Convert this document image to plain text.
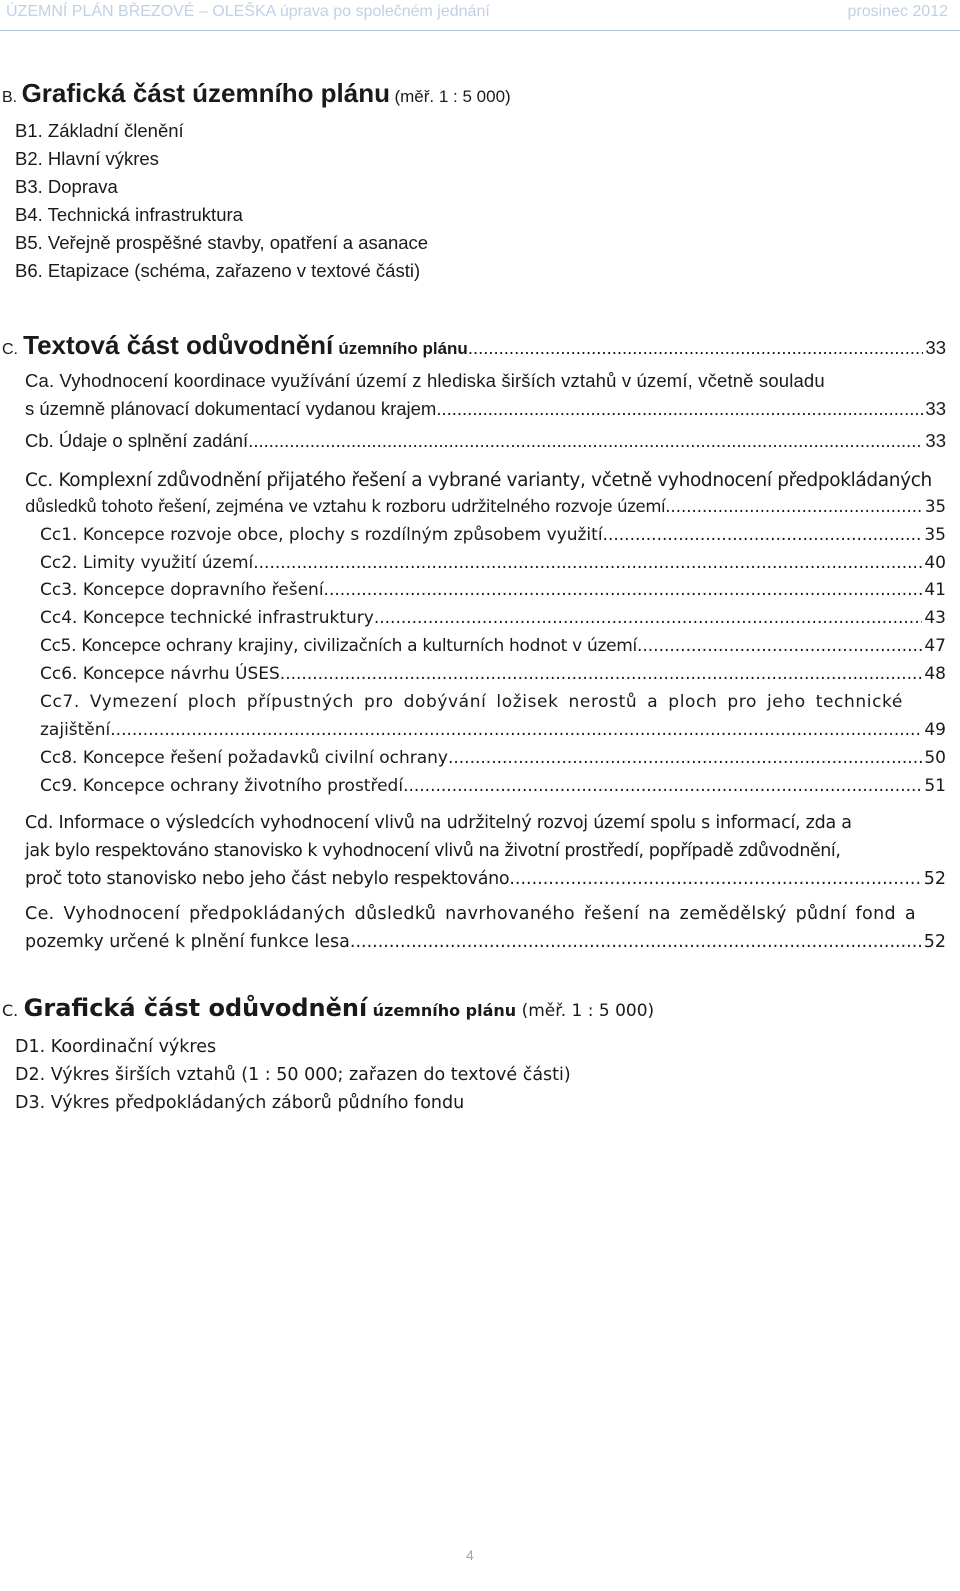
ÚZEMNÍ PLÁN BŘEZOVÉ – OLEŠKA úprava po společném jednání	prosinec 2012
B. Grafická část územního plánu (měř. 1 : 5 000)
B1. Základní členění
B2. Hlavní výkres
B3. Doprava
B4. Technická infrastruktura
B5. Veřejně prospěšné stavby, opatření a asanace
B6. Etapizace (schéma, zařazeno v textové části)
C. Textová část odůvodnění územního plánu .....	33
Ca. Vyhodnocení koordinace využívání území z hlediska širších vztahů v území, včetně souladu
s územně plánovací dokumentací vydanou krajem .....	33
Cb. Údaje o splnění zadání .....	33
Cc. Komplexní zdůvodnění přijatého řešení a vybrané varianty, včetně vyhodnocení předpokládaných
důsledků tohoto řešení, zejména ve vztahu k rozboru udržitelného rozvoje území .....	35
Cc1. Koncepce rozvoje obce, plochy s rozdílným způsobem využití .....	35
Cc2. Limity využití území .....	40
Cc3. Koncepce dopravního řešení .....	41
Cc4. Koncepce technické infrastruktury .....	43
Cc5. Koncepce ochrany krajiny, civilizačních a kulturních hodnot v území .....	47
Cc6. Koncepce návrhu ÚSES .....	48
Cc7. Vymezení ploch přípustných pro dobývání ložisek nerostů a ploch pro jeho technické
zajištění .....	49
Cc8. Koncepce řešení požadavků civilní ochrany .....	50
Cc9. Koncepce ochrany životního prostředí .....	51
Cd. Informace o výsledcích vyhodnocení vlivů na udržitelný rozvoj území spolu s informací, zda a
jak bylo respektováno stanovisko k vyhodnocení vlivů na životní prostředí, popřípadě zdůvodnění,
proč toto stanovisko nebo jeho část nebylo respektováno .....	52
Ce. Vyhodnocení předpokládaných důsledků navrhovaného řešení na zemědělský půdní fond a
pozemky určené k plnění funkce lesa .....	52
C. Grafická část odůvodnění územního plánu (měř. 1 : 5 000)
D1. Koordinační výkres
D2. Výkres širších vztahů (1 : 50 000; zařazen do textové části)
D3. Výkres předpokládaných záborů půdního fondu
4
